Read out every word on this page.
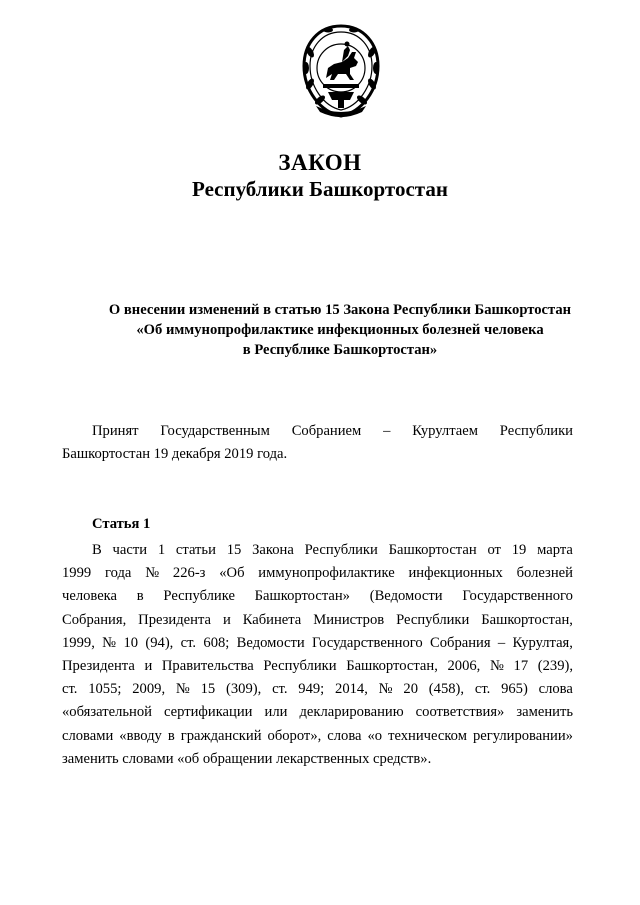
ЗАКОН
Республики Башкортостан
О внесении изменений в статью 15 Закона Республики Башкортостан
«Об иммунопрофилактике инфекционных болезней человека
в Республике Башкортостан»
Принят Государственным Собранием – Курултаем Республики
Башкортостан 19 декабря 2019 года.
Статья 1
В части 1 статьи 15 Закона Республики Башкортостан от 19 марта
1999 года № 226-з «Об иммунопрофилактике инфекционных болезней
человека в Республике Башкортостан» (Ведомости Государственного
Собрания, Президента и Кабинета Министров Республики Башкортостан,
1999, № 10 (94), ст. 608; Ведомости Государственного Собрания – Курултая,
Президента и Правительства Республики Башкортостан, 2006, № 17 (239),
ст. 1055; 2009, № 15 (309), ст. 949; 2014, № 20 (458), ст. 965) слова
«обязательной сертификации или декларированию соответствия» заменить
словами «вводу в гражданский оборот», слова «о техническом регулировании»
заменить словами «об обращении лекарственных средств».
